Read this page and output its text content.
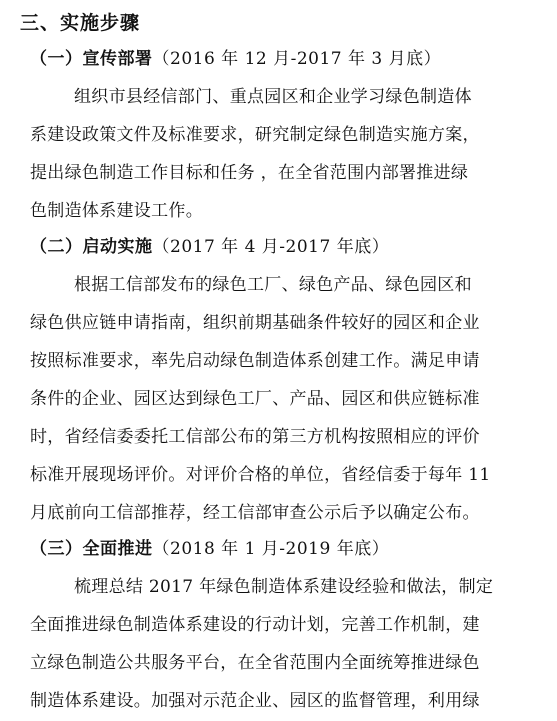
三、实施步骤
（一）宣传部署（2016 年 12 月-2017 年 3 月底）
组织市县经信部门、重点园区和企业学习绿色制造体
系建设政策文件及标准要求，研究制定绿色制造实施方案，
提出绿色制造工作目标和任务 ，在全省范围内部署推进绿
色制造体系建设工作。
（二）启动实施（2017 年 4 月-2017 年底）
根据工信部发布的绿色工厂、绿色产品、绿色园区和
绿色供应链申请指南，组织前期基础条件较好的园区和企业
按照标准要求，率先启动绿色制造体系创建工作。满足申请
条件的企业、园区达到绿色工厂、产品、园区和供应链标准
时，省经信委委托工信部公布的第三方机构按照相应的评价
标准开展现场评价。对评价合格的单位，省经信委于每年 11
月底前向工信部推荐，经工信部审查公示后予以确定公布。
（三）全面推进（2018 年 1 月-2019 年底）
梳理总结 2017 年绿色制造体系建设经验和做法，制定
全面推进绿色制造体系建设的行动计划，完善工作机制，建
立绿色制造公共服务平台，在全省范围内全面统筹推进绿色
制造体系建设。加强对示范企业、园区的监督管理，利用绿
